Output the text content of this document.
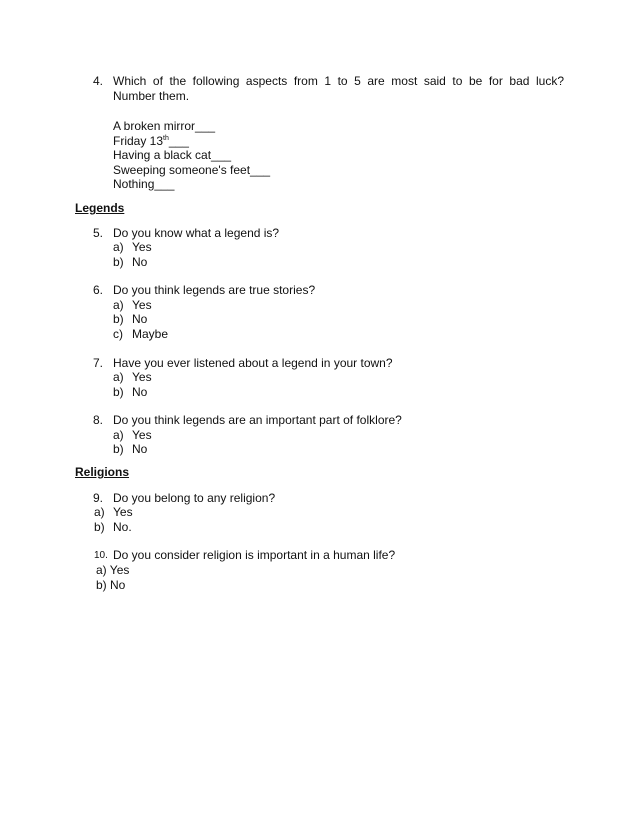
4. Which of the following aspects from 1 to 5 are most said to be for bad luck?
Number them.
A broken mirror___
Friday 13th___
Having a black cat___
Sweeping someone's feet___
Nothing___
Legends
5. Do you know what a legend is?
a) Yes
b) No
6. Do you think legends are true stories?
a) Yes
b) No
c) Maybe
7. Have you ever listened about a legend in your town?
a) Yes
b) No
8. Do you think legends are an important part of folklore?
a) Yes
b) No
Religions
9. Do you belong to any religion?
a) Yes
b) No.
10. Do you consider religion is important in a human life?
a) Yes
b) No
